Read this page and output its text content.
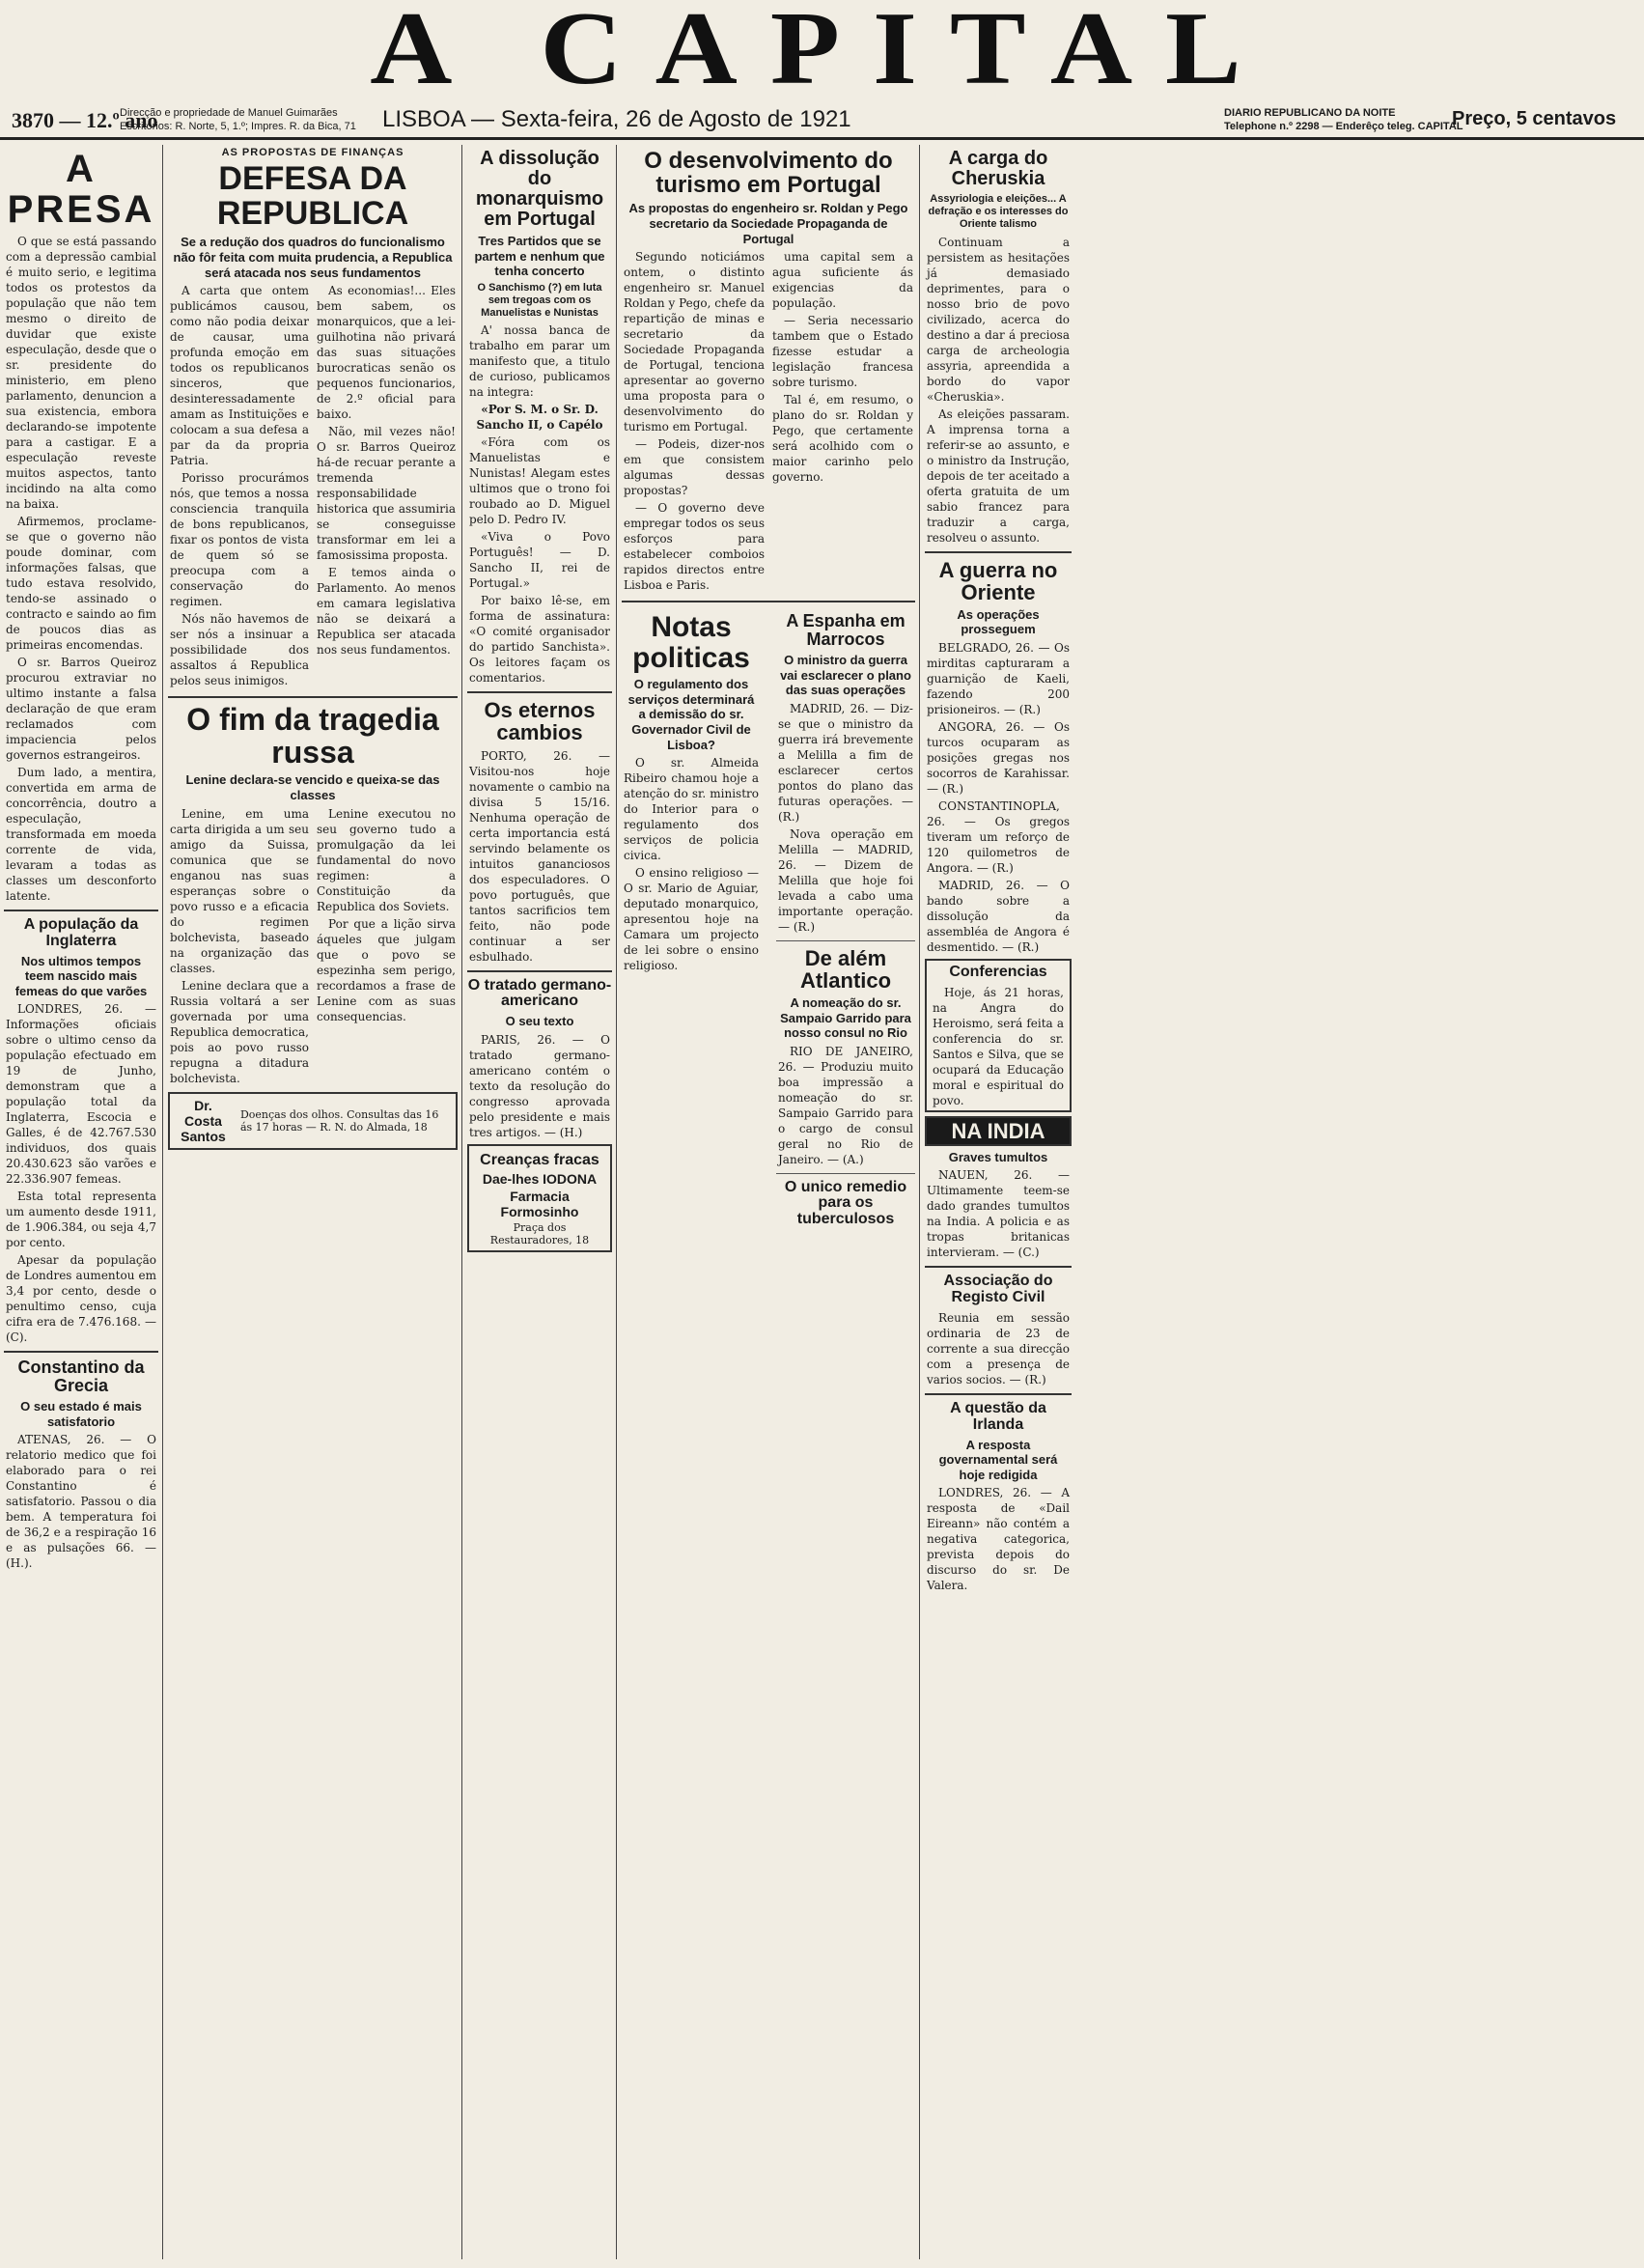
A CAPITAL
3870 — 12.º ano
Direcção e propriedade de Manuel Guimarães
Escritorios: R. Norte, 5, 1.º; Impres. R. da Bica, 71 LISBOA — Sexta-feira, 26 de Agosto de 1921	DIARIO REPUBLICANO DA NOITE
Telephone n.º 2298 — Enderêço teleg. CAPITAL
Preço, 5 centavos
A PRESA

O que se está passando com a depressão cambial é muito serio, e legitima todos os protestos da população que não tem mesmo o direito de duvidar que existe especulação, desde que o sr. presidente do ministerio, em pleno parlamento, denuncion a sua existencia, embora declarando-se impotente para a castigar. E a especulação reveste muitos aspectos, tanto incidindo na alta como na baixa.

Afirmemos, proclame-se que o governo não poude dominar, com informações falsas, que tudo estava resolvido, tendo-se assinado o contracto e saindo ao fim de poucos dias as primeiras encomendas.

O sr. Barros Queiroz procurou extraviar no ultimo instante a falsa declaração de que eram reclamados com impaciencia pelos governos estrangeiros.

Dum lado, a mentira, convertida em arma de concorrência, doutro a especulação, transformada em moeda corrente de vida, levaram a todas as classes um desconforto latente.

A população da Inglaterra
Nos ultimos tempos teem nascido mais femeas do que varões

LONDRES, 26. — Informações oficiais sobre o ultimo censo da população efectuado em 19 de Junho, demonstram que a população total da Inglaterra, Escocia e Galles, é de 42.767.530 individuos, dos quais 20.430.623 são varões e 22.336.907 femeas.

Esta total representa um aumento desde 1911, de 1.906.384, ou seja 4,7 por cento.

Apesar da população de Londres aumentou em 3,4 por cento, desde o penultimo censo, cuja cifra era de 7.476.168. — (C).

Constantino da Grecia
O seu estado é mais satisfatorio

ATENAS, 26. — O relatorio medico que foi elaborado para o rei Constantino é satisfatorio. Passou o dia bem. A temperatura foi de 36,2 e a respiração 16 e as pulsações 66. — (H.).

AS PROPOSTAS DE FINANÇAS
DEFESA DA REPUBLICA
Se a redução dos quadros do funcionalismo não fôr feita com muita prudencia, a Republica será atacada nos seus fundamentos

A carta que ontem publicámos causou, como não podia deixar de causar, uma profunda emoção em todos os republicanos sinceros, que desinteressadamente amam as Instituições e colocam a sua defesa a par da da propria Patria.

Porisso procurámos nós, que temos a nossa consciencia tranquila de bons republicanos, fixar os pontos de vista de quem só se preocupa com a conservação do regimen.

Nós não havemos de ser nós a insinuar a possibilidade dos assaltos á Republica pelos seus inimigos.

As economias!... Eles bem sabem, os monarquicos, que a lei-guilhotina não privará das suas situações burocraticas senão os pequenos funcionarios, de 2.º oficial para baixo.

Não, mil vezes não! O sr. Barros Queiroz há-de recuar perante a tremenda responsabilidade historica que assumiria se conseguisse transformar em lei a famosissima proposta.

E temos ainda o Parlamento. Ao menos em camara legislativa não se deixará a Republica ser atacada nos seus fundamentos.

O fim da tragedia russa
Lenine declara-se vencido e queixa-se das classes

Lenine, em uma carta dirigida a um seu amigo da Suissa, comunica que se enganou nas suas esperanças sobre o povo russo e a eficacia do regimen bolchevista, baseado na organização das classes.

Lenine declara que a Russia voltará a ser governada por uma Republica democratica, pois ao povo russo repugna a ditadura bolchevista.

Lenine executou no seu governo tudo a promulgação da lei fundamental do novo regimen: a Constituição da Republica dos Soviets.

Por que a lição sirva áqueles que julgam que o povo se espezinha sem perigo, recordamos a frase de Lenine com as suas consequencias.

Dr. Costa Santos
Doenças dos olhos. Consultas das 16 ás 17 horas — R. N. do Almada, 18
A dissolução do monarquismo em Portugal
Tres Partidos que se partem e nenhum que tenha concerto
O Sanchismo (?) em luta sem tregoas com os Manuelistas e Nunistas

A' nossa banca de trabalho em parar um manifesto que, a titulo de curioso, publicamos na integra:

«Por S. M. o Sr. D. Sancho II, o Capélo

«Fóra com os Manuelistas e Nunistas! Alegam estes ultimos que o trono foi roubado ao D. Miguel pelo D. Pedro IV.

«Viva o Povo Português! — D. Sancho II, rei de Portugal.»

Por baixo lê-se, em forma de assinatura: «O comité organisador do partido Sanchista». Os leitores façam os comentarios.

Os eternos cambios

PORTO, 26. — Visitou-nos hoje novamente o cambio na divisa 5 15/16. Nenhuma operação de certa importancia está servindo belamente os intuitos gananciosos dos especuladores. O povo português, que tantos sacrificios tem feito, não pode continuar a ser esbulhado.

O tratado germano-americano
O seu texto

PARIS, 26. — O tratado germano-americano contém o texto da resolução do congresso aprovada pelo presidente e mais tres artigos. — (H.)

Creanças fracas
Dae-lhes IODONA
Farmacia Formosinho
Praça dos Restauradores, 18
O desenvolvimento do turismo em Portugal
As propostas do engenheiro sr. Roldan y Pego secretario da Sociedade Propaganda de Portugal

Segundo noticiámos ontem, o distinto engenheiro sr. Manuel Roldan y Pego, chefe da repartição de minas e secretario da Sociedade Propaganda de Portugal, tenciona apresentar ao governo uma proposta para o desenvolvimento do turismo em Portugal.

— Podeis, dizer-nos em que consistem algumas dessas propostas?

— O governo deve empregar todos os seus esforços para estabelecer comboios rapidos directos entre Lisboa e Paris.

uma capital sem a agua suficiente ás exigencias da população.

— Seria necessario tambem que o Estado fizesse estudar a legislação francesa sobre turismo.

Tal é, em resumo, o plano do sr. Roldan y Pego, que certamente será acolhido com o maior carinho pelo governo.

Notas politicas
O regulamento dos serviços determinará a demissão do sr. Governador Civil de Lisboa?

O sr. Almeida Ribeiro chamou hoje a atenção do sr. ministro do Interior para o regulamento dos serviços de policia civica.

O ensino religioso — O sr. Mario de Aguiar, deputado monarquico, apresentou hoje na Camara um projecto de lei sobre o ensino religioso.

A Espanha em Marrocos
O ministro da guerra vai esclarecer o plano das suas operações

MADRID, 26. — Diz-se que o ministro da guerra irá brevemente a Melilla a fim de esclarecer certos pontos do plano das futuras operações. — (R.)

Nova operação em Melilla — MADRID, 26. — Dizem de Melilla que hoje foi levada a cabo uma importante operação. — (R.)

De além Atlantico
A nomeação do sr. Sampaio Garrido para nosso consul no Rio

RIO DE JANEIRO, 26. — Produziu muito boa impressão a nomeação do sr. Sampaio Garrido para o cargo de consul geral no Rio de Janeiro. — (A.)

O unico remedio para os tuberculosos
A carga do Cheruskia
Assyriologia e eleições... A defração e os interesses do Oriente talismo

Continuam a persistem as hesitações já demasiado deprimentes, para o nosso brio de povo civilizado, acerca do destino a dar á preciosa carga de archeologia assyria, apreendida a bordo do vapor «Cheruskia».

As eleições passaram. A imprensa torna a referir-se ao assunto, e o ministro da Instrução, depois de ter aceitado a oferta gratuita de um sabio francez para traduzir a carga, resolveu o assunto.

A guerra no Oriente
As operações prosseguem

BELGRADO, 26. — Os mirditas capturaram a guarnição de Kaeli, fazendo 200 prisioneiros. — (R.)

ANGORA, 26. — Os turcos ocuparam as posições gregas nos socorros de Karahissar. — (R.)

CONSTANTINOPLA, 26. — Os gregos tiveram um reforço de 120 quilometros de Angora. — (R.)

MADRID, 26. — O bando sobre a dissolução da assembléa de Angora é desmentido. — (R.)

Conferencias

Hoje, ás 21 horas, na Angra do Heroismo, será feita a conferencia do sr. Santos e Silva, que se ocupará da Educação moral e espiritual do povo.

NA INDIA
Graves tumultos

NAUEN, 26. — Ultimamente teem-se dado grandes tumultos na India. A policia e as tropas britanicas intervieram. — (C.)

Associação do Registo Civil

Reunia em sessão ordinaria de 23 de corrente a sua direcção com a presença de varios socios. — (R.)

A questão da Irlanda
A resposta governamental será hoje redigida

LONDRES, 26. — A resposta de «Dail Eireann» não contém a negativa categorica, prevista depois do discurso do sr. De Valera.
